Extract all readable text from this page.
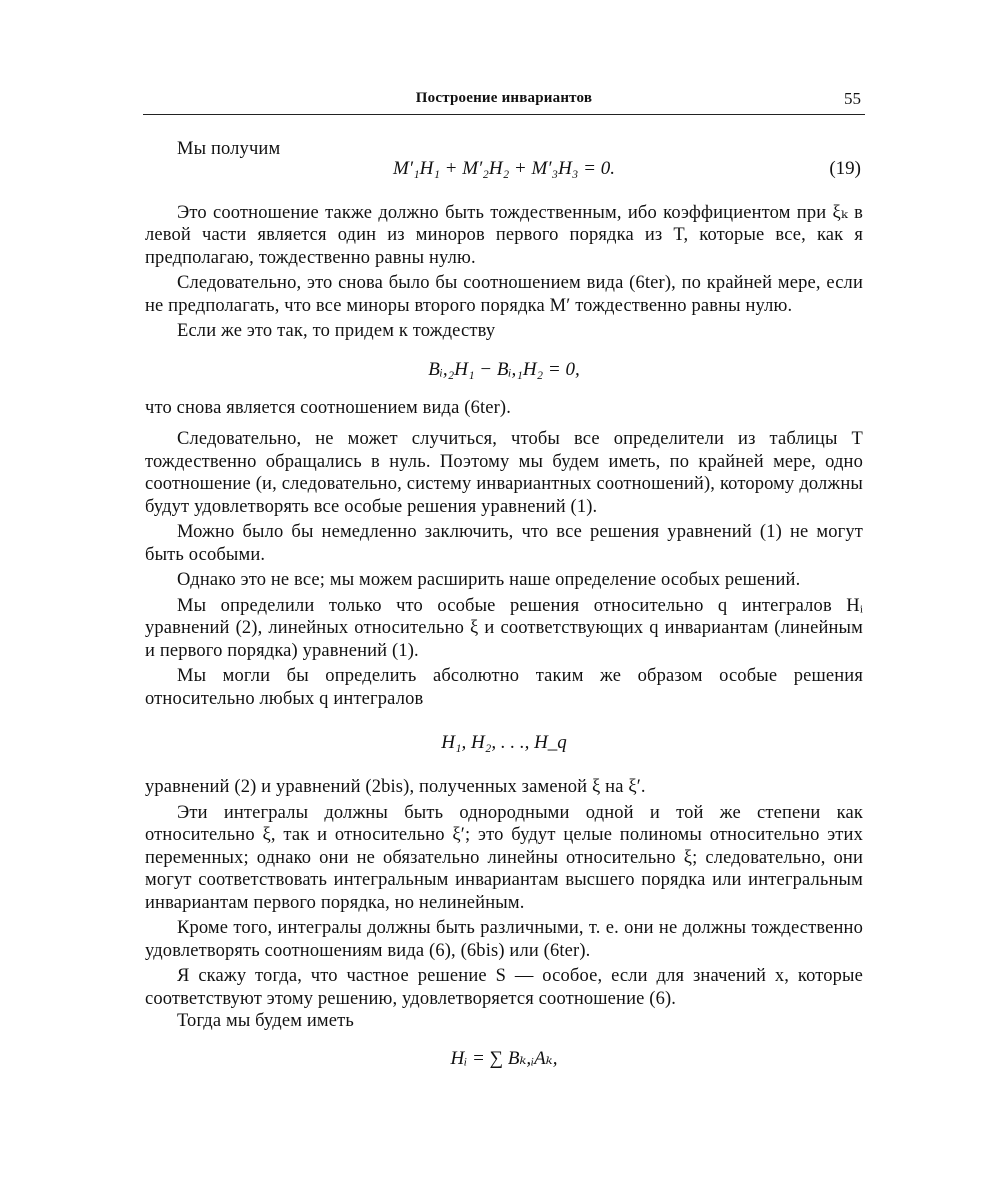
Построение инвариантов	55

Мы получим

M′₁H₁ + M′₂H₂ + M′₃H₃ = 0.	(19)

Это соотношение также должно быть тождественным, ибо коэффициентом при ξₖ в левой части является один из миноров первого порядка из T, которые все, как я предполагаю, тождественно равны нулю.

Следовательно, это снова было бы соотношением вида (6ter), по крайней мере, если не предполагать, что все миноры второго порядка M′ тождественно равны нулю.

Если же это так, то придем к тождеству

Bᵢ,₂H₁ − Bᵢ,₁H₂ = 0,

что снова является соотношением вида (6ter).

Следовательно, не может случиться, чтобы все определители из таблицы T тождественно обращались в нуль. Поэтому мы будем иметь, по крайней мере, одно соотношение (и, следовательно, систему инвариантных соотношений), которому должны будут удовлетворять все особые решения уравнений (1).

Можно было бы немедленно заключить, что все решения уравнений (1) не могут быть особыми.

Однако это не все; мы можем расширить наше определение особых решений.

Мы определили только что особые решения относительно q интегралов Hᵢ уравнений (2), линейных относительно ξ и соответствующих q инвариантам (линейным и первого порядка) уравнений (1).

Мы могли бы определить абсолютно таким же образом особые решения относительно любых q интегралов

H₁, H₂, . . ., H_q

уравнений (2) и уравнений (2bis), полученных заменой ξ на ξ′.

Эти интегралы должны быть однородными одной и той же степени как относительно ξ, так и относительно ξ′; это будут целые полиномы относительно этих переменных; однако они не обязательно линейны относительно ξ; следовательно, они могут соответствовать интегральным инвариантам высшего порядка или интегральным инвариантам первого порядка, но нелинейным.

Кроме того, интегралы должны быть различными, т. е. они не должны тождественно удовлетворять соотношениям вида (6), (6bis) или (6ter).

Я скажу тогда, что частное решение S — особое, если для значений x, которые соответствуют этому решению, удовлетворяется соотношение (6).

Тогда мы будем иметь

Hᵢ = ∑ Bₖ,ᵢAₖ,
